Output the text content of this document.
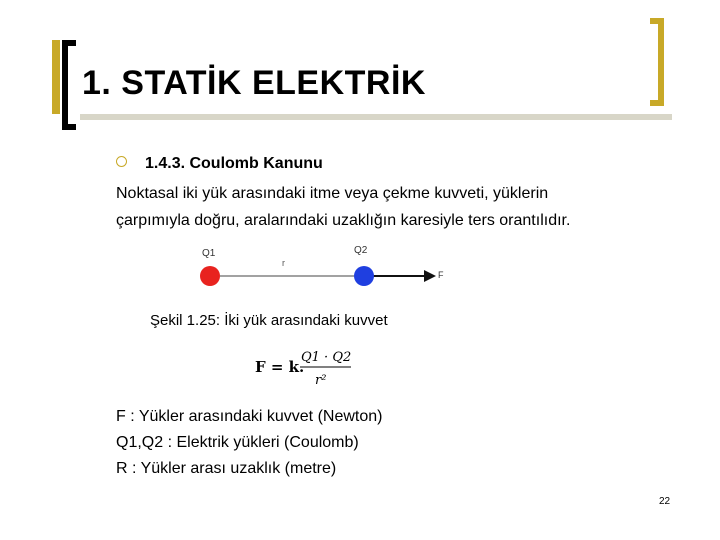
1. STATİK ELEKTRİK
1.4.3. Coulomb Kanunu
Noktasal iki yük arasındaki itme veya çekme kuvveti, yüklerin
çarpımıyla doğru, aralarındaki uzaklığın karesiyle ters orantılıdır.
Q1	Q2
r
F
Şekil 1.25: İki yük arasındaki kuvvet
F = k.
Q1 · Q2
r²
F : Yükler arasındaki kuvvet (Newton)
Q1,Q2 : Elektrik yükleri (Coulomb)
R : Yükler arası uzaklık (metre)
22
